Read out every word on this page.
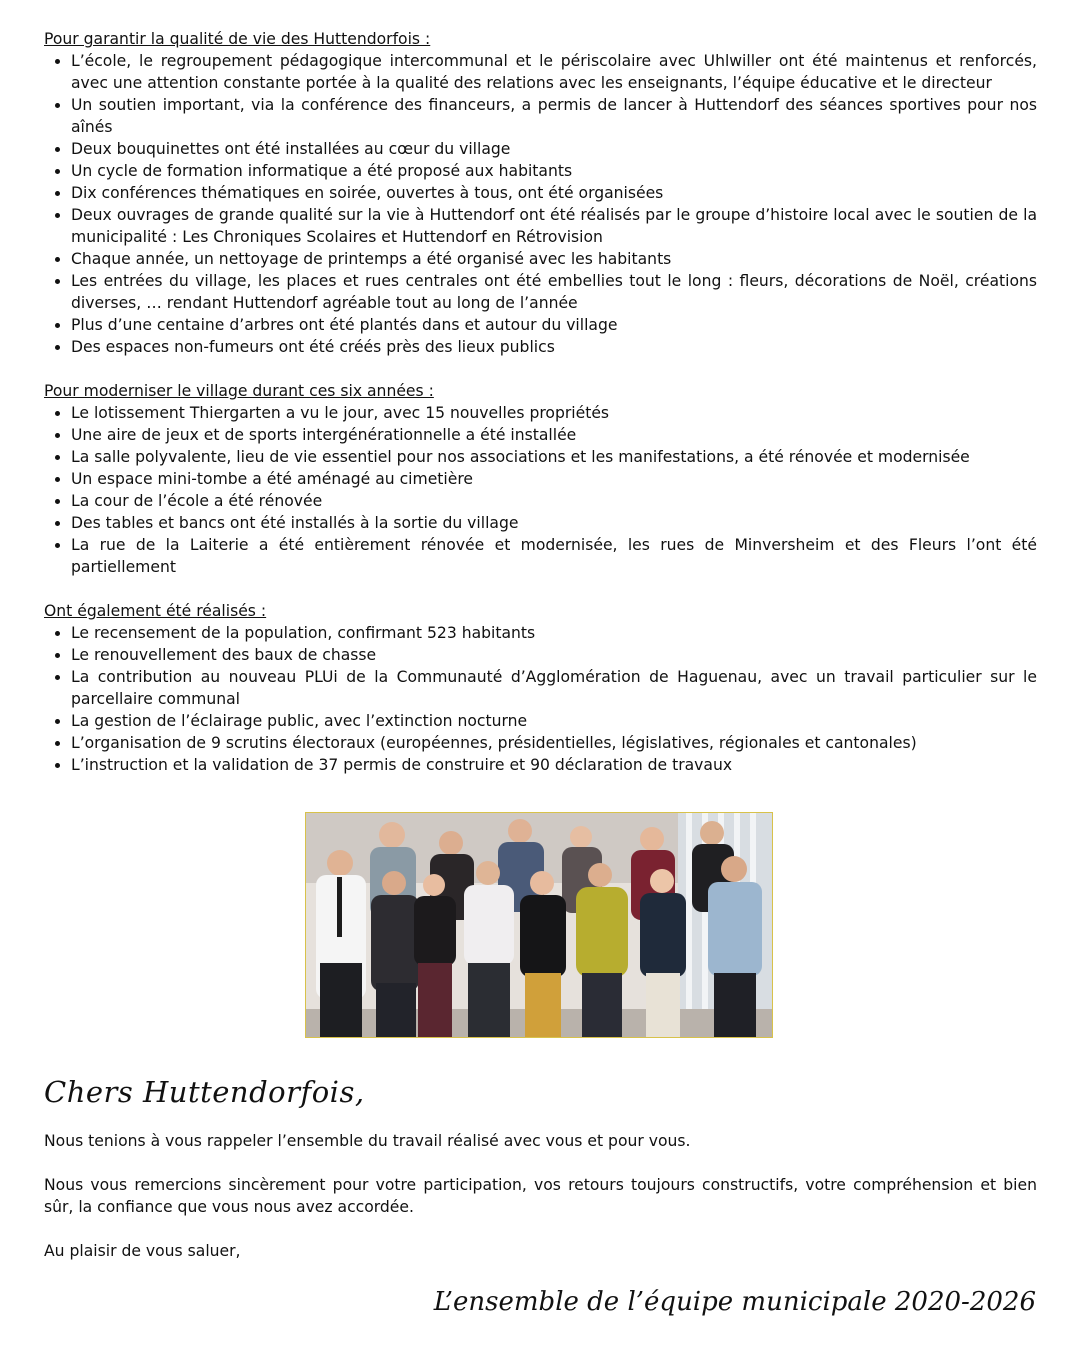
Pour garantir la qualité de vie des Huttendorfois :

• L’école, le regroupement pédagogique intercommunal et le périscolaire avec Uhlwiller ont été maintenus et renforcés, avec une attention constante portée à la qualité des relations avec les enseignants, l’équipe éducative et le directeur
• Un soutien important, via la conférence des financeurs, a permis de lancer à Huttendorf des séances sportives pour nos aînés
• Deux bouquinettes ont été installées au cœur du village
• Un cycle de formation informatique a été proposé aux habitants
• Dix conférences thématiques en soirée, ouvertes à tous, ont été organisées
• Deux ouvrages de grande qualité sur la vie à Huttendorf ont été réalisés par le groupe d’histoire local avec le soutien de la municipalité : Les Chroniques Scolaires et Huttendorf en Rétrovision
• Chaque année, un nettoyage de printemps a été organisé avec les habitants
• Les entrées du village, les places et rues centrales ont été embellies tout le long : fleurs, décorations de Noël, créations diverses, … rendant Huttendorf agréable tout au long de l’année
• Plus d’une centaine d’arbres ont été plantés dans et autour du village
• Des espaces non-fumeurs ont été créés près des lieux publics

Pour moderniser le village durant ces six années :

• Le lotissement Thiergarten a vu le jour, avec 15 nouvelles propriétés
• Une aire de jeux et de sports intergénérationnelle a été installée
• La salle polyvalente, lieu de vie essentiel pour nos associations et les manifestations, a été rénovée et modernisée
• Un espace mini-tombe a été aménagé au cimetière
• La cour de l’école a été rénovée
• Des tables et bancs ont été installés à la sortie du village
• La rue de la Laiterie a été entièrement rénovée et modernisée, les rues de Minversheim et des Fleurs l’ont été partiellement

Ont également été réalisés :

• Le recensement de la population, confirmant 523 habitants
• Le renouvellement des baux de chasse
• La contribution au nouveau PLUi de la Communauté d’Agglomération de Haguenau, avec un travail particulier sur le parcellaire communal
• La gestion de l’éclairage public, avec l’extinction nocturne
• L’organisation de 9 scrutins électoraux (européennes, présidentielles, législatives, régionales et cantonales)
• L’instruction et la validation de 37 permis de construire et 90 déclaration de travaux
Chers Huttendorfois,

Nous tenions à vous rappeler l’ensemble du travail réalisé avec vous et pour vous.

Nous vous remercions sincèrement pour votre participation, vos retours toujours constructifs, votre compréhension et bien sûr, la confiance que vous nous avez accordée.

Au plaisir de vous saluer,

L’ensemble de l’équipe municipale 2020-2026
